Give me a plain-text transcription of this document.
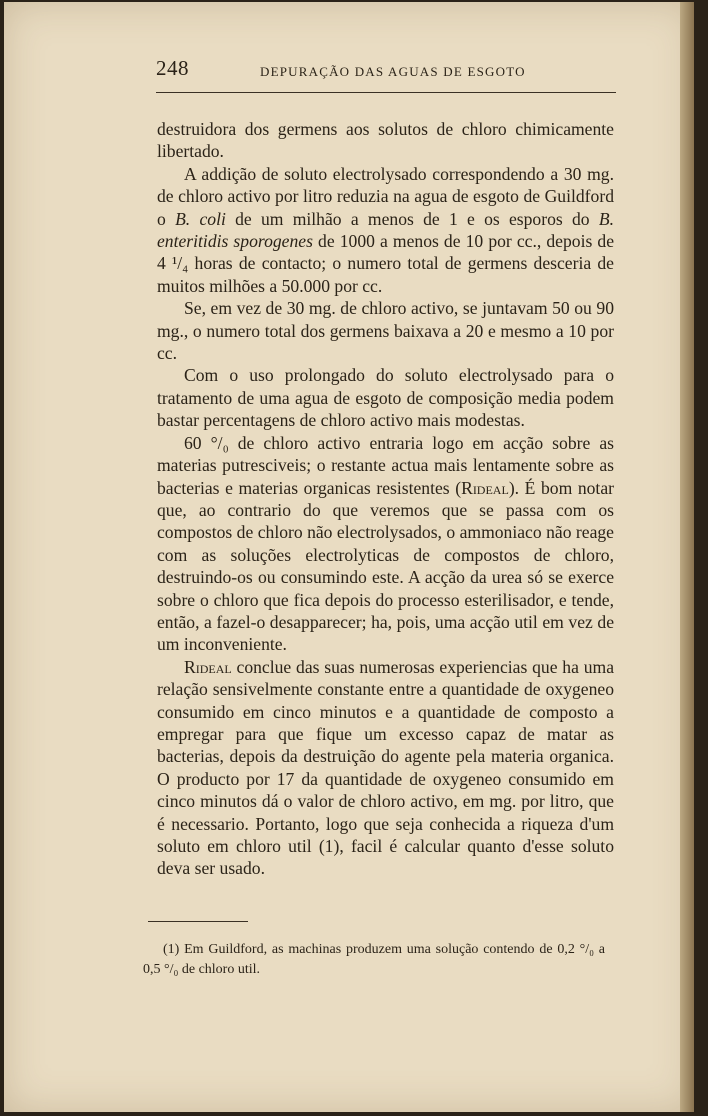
248	DEPURAÇÃO DAS AGUAS DE ESGOTO

destruidora dos germens aos solutos de chloro chimicamente libertado.

A addição de soluto electrolysado correspondendo a 30 mg. de chloro activo por litro reduzia na agua de esgoto de Guildford o B. coli de um milhão a menos de 1 e os esporos do B. enteritidis sporogenes de 1000 a menos de 10 por cc., depois de 4 ¹/₄ horas de contacto; o numero total de germens desceria de muitos milhões a 50.000 por cc.

Se, em vez de 30 mg. de chloro activo, se juntavam 50 ou 90 mg., o numero total dos germens baixava a 20 e mesmo a 10 por cc.

Com o uso prolongado do soluto electrolysado para o tratamento de uma agua de esgoto de composição media podem bastar percentagens de chloro activo mais modestas.

60 °/₀ de chloro activo entraria logo em acção sobre as materias putresciveis; o restante actua mais lentamente sobre as bacterias e materias organicas resistentes (Rideal). É bom notar que, ao contrario do que veremos que se passa com os compostos de chloro não electrolysados, o ammoniaco não reage com as soluções electrolyticas de compostos de chloro, destruindo-os ou consumindo este. A acção da urea só se exerce sobre o chloro que fica depois do processo esterilisador, e tende, então, a fazel-o desapparecer; ha, pois, uma acção util em vez de um inconveniente.

Rideal conclue das suas numerosas experiencias que ha uma relação sensivelmente constante entre a quantidade de oxygeneo consumido em cinco minutos e a quantidade de composto a empregar para que fique um excesso capaz de matar as bacterias, depois da destruição do agente pela materia organica. O producto por 17 da quantidade de oxygeneo consumido em cinco minutos dá o valor de chloro activo, em mg. por litro, que é necessario. Portanto, logo que seja conhecida a riqueza d'um soluto em chloro util (1), facil é calcular quanto d'esse soluto deva ser usado.

(1) Em Guildford, as machinas produzem uma solução contendo de 0,2 °/₀ a 0,5 °/₀ de chloro util.
